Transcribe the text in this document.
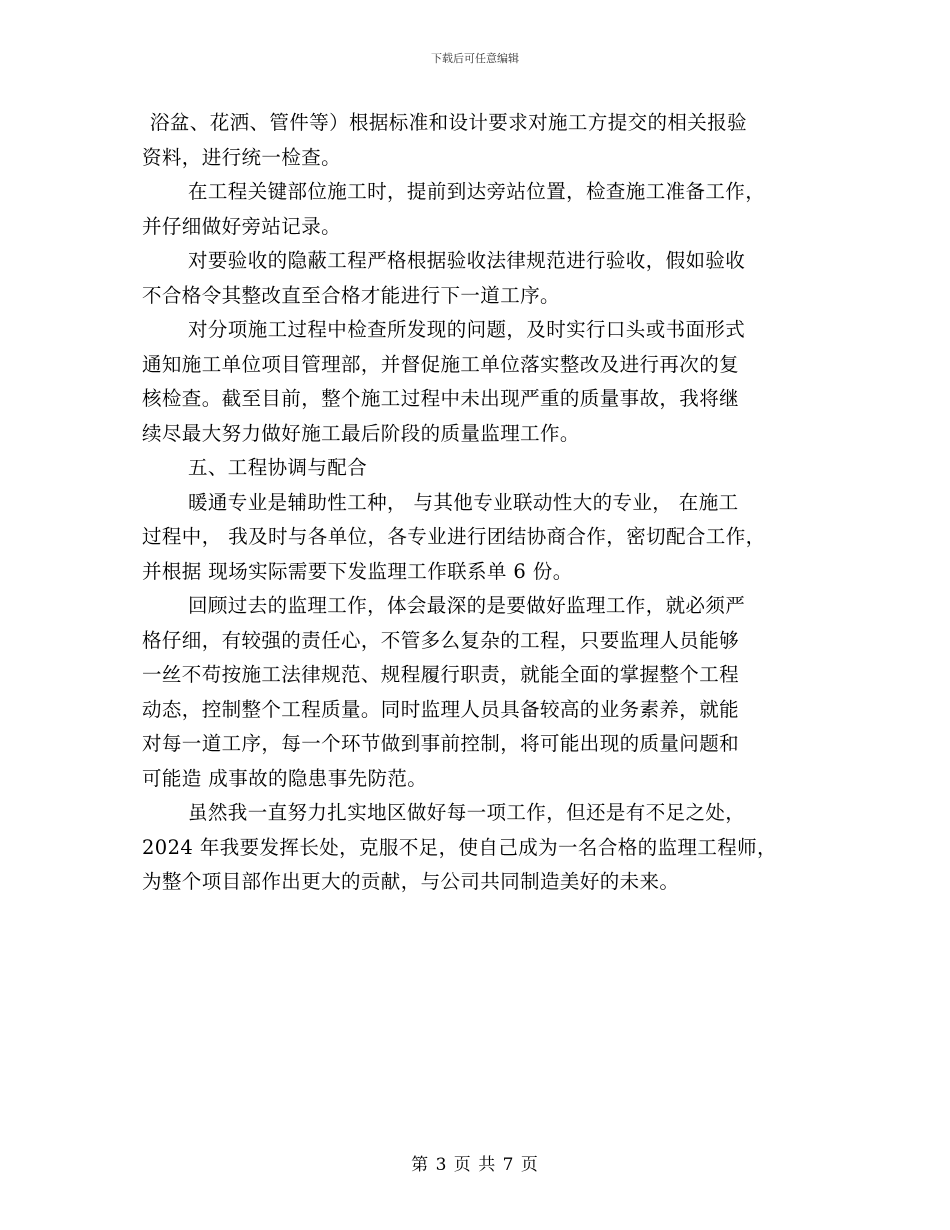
下载后可任意编辑
浴盆、花洒、管件等）根据标准和设计要求对施工方提交的相关报验
资料，进行统一检查。
在工程关键部位施工时，提前到达旁站位置，检查施工准备工作，
并仔细做好旁站记录。
对要验收的隐蔽工程严格根据验收法律规范进行验收，假如验收
不合格令其整改直至合格才能进行下一道工序。
对分项施工过程中检查所发现的问题，及时实行口头或书面形式
通知施工单位项目管理部，并督促施工单位落实整改及进行再次的复
核检查。截至目前，整个施工过程中未出现严重的质量事故，我将继
续尽最大努力做好施工最后阶段的质量监理工作。
五、工程协调与配合
暖通专业是辅助性工种， 与其他专业联动性大的专业， 在施工
过程中， 我及时与各单位，各专业进行团结协商合作，密切配合工作，
并根据 现场实际需要下发监理工作联系单 6 份。
回顾过去的监理工作，体会最深的是要做好监理工作，就必须严
格仔细，有较强的责任心，不管多么复杂的工程，只要监理人员能够
一丝不苟按施工法律规范、规程履行职责，就能全面的掌握整个工程
动态，控制整个工程质量。同时监理人员具备较高的业务素养，就能
对每一道工序，每一个环节做到事前控制，将可能出现的质量问题和
可能造 成事故的隐患事先防范。
虽然我一直努力扎实地区做好每一项工作，但还是有不足之处，
2024 年我要发挥长处，克服不足，使自己成为一名合格的监理工程师，
为整个项目部作出更大的贡献，与公司共同制造美好的未来。
第 3 页 共 7 页
